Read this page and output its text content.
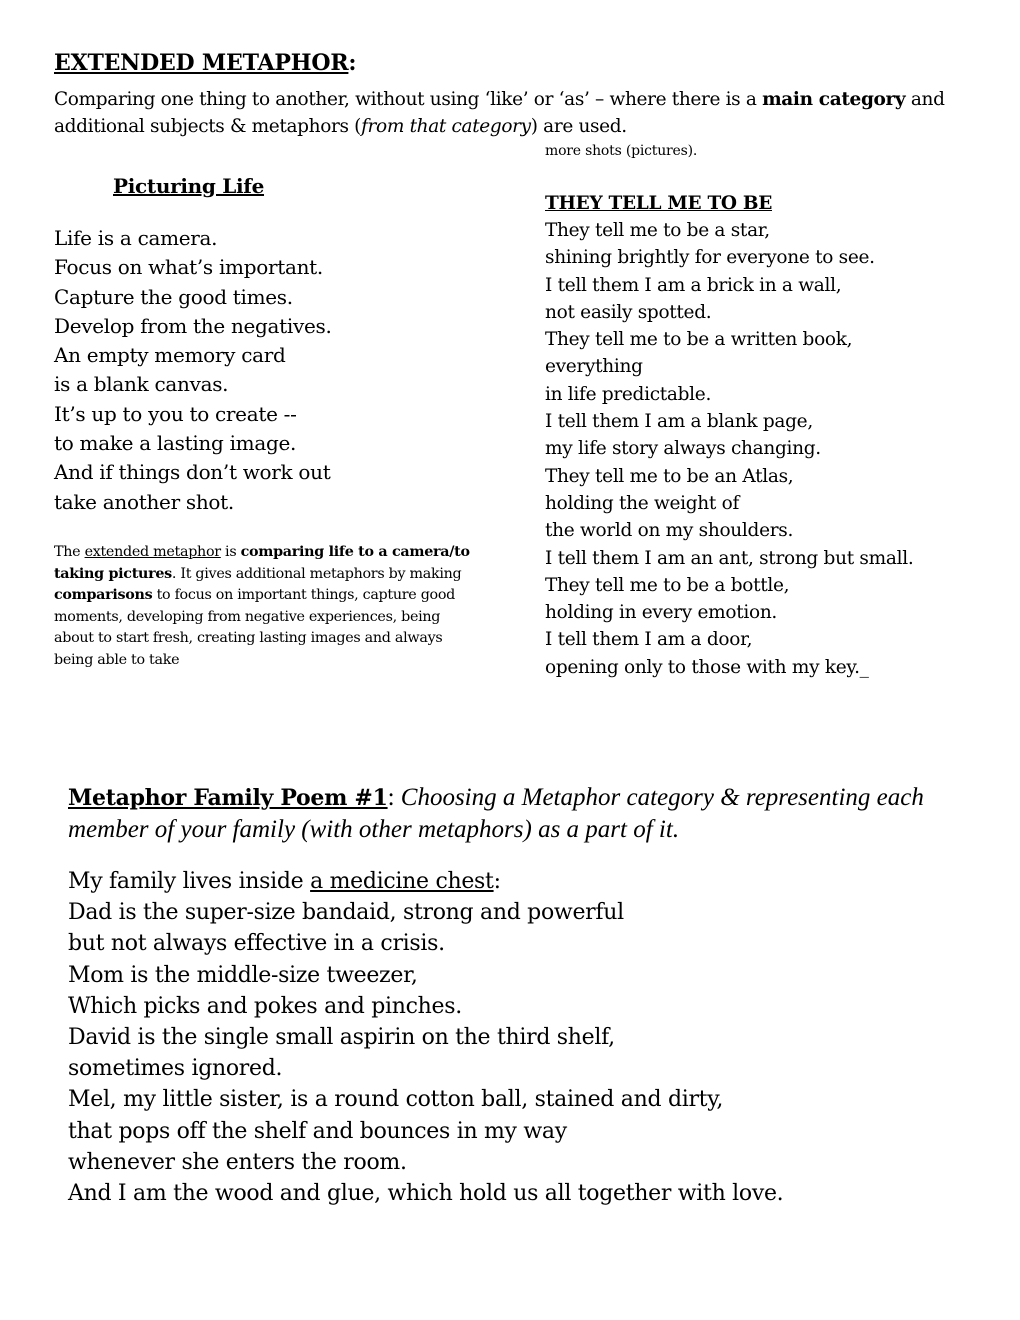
EXTENDED METAPHOR:

Comparing one thing to another, without using ‘like’ or ‘as’ – where there is a main category and additional subjects & metaphors (from that category) are used.

more shots (pictures).
Picturing Life
Life is a camera.
Focus on what’s important.
Capture the good times.
Develop from the negatives.
An empty memory card
is a blank canvas.
It’s up to you to create --
to make a lasting image.
And if things don’t work out
take another shot.

The extended metaphor is comparing life to a camera/to taking pictures. It gives additional metaphors by making comparisons to focus on important things, capture good moments, developing from negative experiences, being about to start fresh, creating lasting images and always being able to take

THEY TELL ME TO BE
They tell me to be a star,
shining brightly for everyone to see.
I tell them I am a brick in a wall,
not easily spotted.
They tell me to be a written book,
everything
in life predictable.
I tell them I am a blank page,
my life story always changing.
They tell me to be an Atlas,
holding the weight of
the world on my shoulders.
I tell them I am an ant, strong but small.
They tell me to be a bottle,
holding in every emotion.
I tell them I am a door,
opening only to those with my key._

Metaphor Family Poem #1: Choosing a Metaphor category & representing each member of your family (with other metaphors) as a part of it.

My family lives inside a medicine chest:
Dad is the super-size bandaid, strong and powerful
but not always effective in a crisis.
Mom is the middle-size tweezer,
Which picks and pokes and pinches.
David is the single small aspirin on the third shelf,
sometimes ignored.
Mel, my little sister, is a round cotton ball, stained and dirty,
that pops off the shelf and bounces in my way
whenever she enters the room.
And I am the wood and glue, which hold us all together with love.
